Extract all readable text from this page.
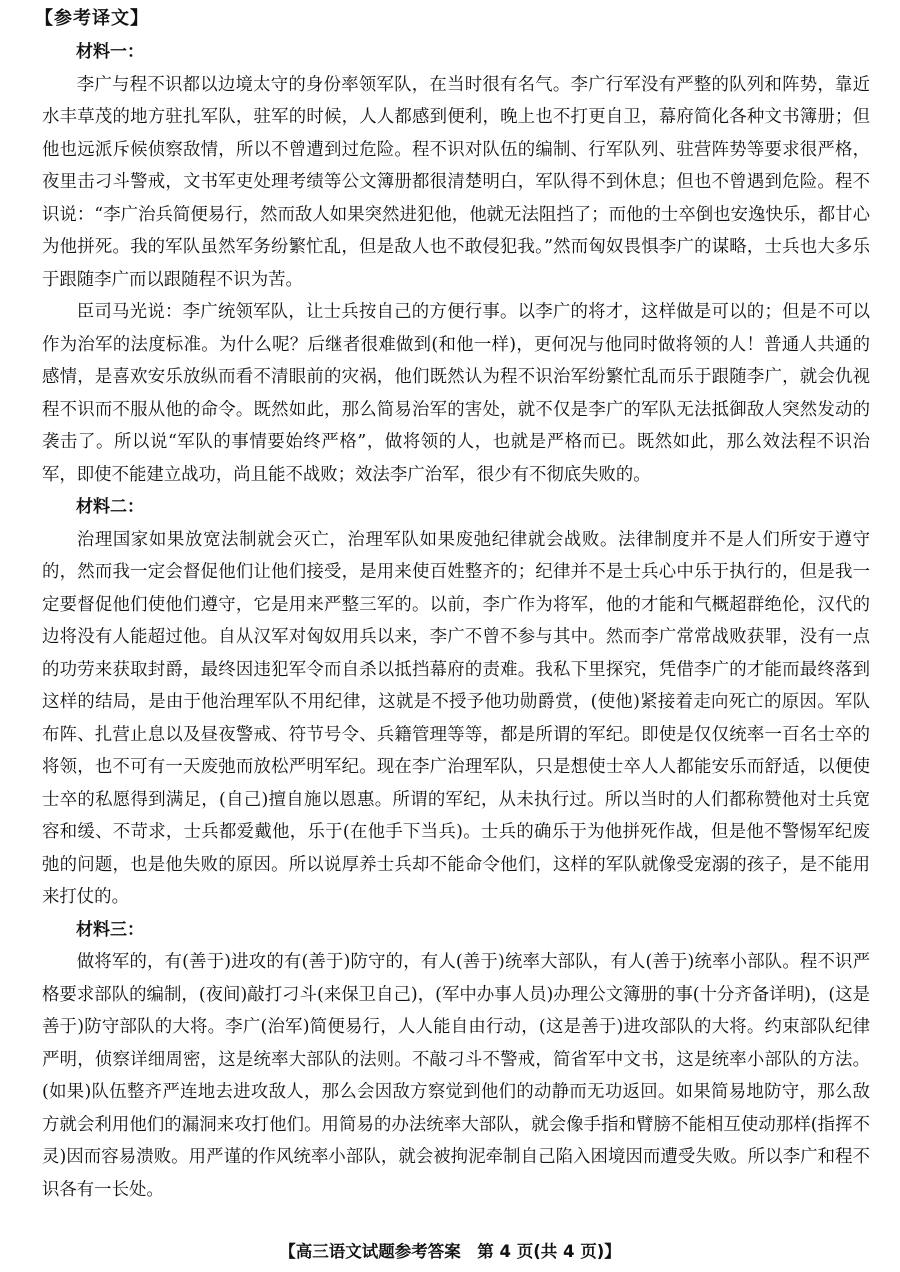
【参考译文】
材料一：

李广与程不识都以边境太守的身份率领军队，在当时很有名气。李广行军没有严整的队列和阵势，靠近水丰草茂的地方驻扎军队，驻军的时候，人人都感到便利，晚上也不打更自卫，幕府简化各种文书簿册；但他也远派斥候侦察敌情，所以不曾遭到过危险。程不识对队伍的编制、行军队列、驻营阵势等要求很严格，夜里击刁斗警戒，文书军吏处理考绩等公文簿册都很清楚明白，军队得不到休息；但也不曾遇到危险。程不识说：“李广治兵简便易行，然而敌人如果突然进犯他，他就无法阻挡了；而他的士卒倒也安逸快乐，都甘心为他拼死。我的军队虽然军务纷繁忙乱，但是敌人也不敢侵犯我。”然而匈奴畏惧李广的谋略，士兵也大多乐于跟随李广而以跟随程不识为苦。

臣司马光说：李广统领军队，让士兵按自己的方便行事。以李广的将才，这样做是可以的；但是不可以作为治军的法度标准。为什么呢？后继者很难做到(和他一样)，更何况与他同时做将领的人！普通人共通的感情，是喜欢安乐放纵而看不清眼前的灾祸，他们既然认为程不识治军纷繁忙乱而乐于跟随李广，就会仇视程不识而不服从他的命令。既然如此，那么简易治军的害处，就不仅是李广的军队无法抵御敌人突然发动的袭击了。所以说“军队的事情要始终严格”，做将领的人，也就是严格而已。既然如此，那么效法程不识治军，即使不能建立战功，尚且能不战败；效法李广治军，很少有不彻底失败的。

材料二：

治理国家如果放宽法制就会灭亡，治理军队如果废弛纪律就会战败。法律制度并不是人们所安于遵守的，然而我一定会督促他们让他们接受，是用来使百姓整齐的；纪律并不是士兵心中乐于执行的，但是我一定要督促他们使他们遵守，它是用来严整三军的。以前，李广作为将军，他的才能和气概超群绝伦，汉代的边将没有人能超过他。自从汉军对匈奴用兵以来，李广不曾不参与其中。然而李广常常战败获罪，没有一点的功劳来获取封爵，最终因违犯军令而自杀以抵挡幕府的责难。我私下里探究，凭借李广的才能而最终落到这样的结局，是由于他治理军队不用纪律，这就是不授予他功勋爵赏，(使他)紧接着走向死亡的原因。军队布阵、扎营止息以及昼夜警戒、符节号令、兵籍管理等等，都是所谓的军纪。即使是仅仅统率一百名士卒的将领，也不可有一天废弛而放松严明军纪。现在李广治理军队，只是想使士卒人人都能安乐而舒适，以便使士卒的私愿得到满足，(自己)擅自施以恩惠。所谓的军纪，从未执行过。所以当时的人们都称赞他对士兵宽容和缓、不苛求，士兵都爱戴他，乐于(在他手下当兵)。士兵的确乐于为他拼死作战，但是他不警惕军纪废弛的问题，也是他失败的原因。所以说厚养士兵却不能命令他们，这样的军队就像受宠溺的孩子，是不能用来打仗的。

材料三：

做将军的，有(善于)进攻的有(善于)防守的，有人(善于)统率大部队，有人(善于)统率小部队。程不识严格要求部队的编制，(夜间)敲打刁斗(来保卫自己)，(军中办事人员)办理公文簿册的事(十分齐备详明)，(这是善于)防守部队的大将。李广(治军)简便易行，人人能自由行动，(这是善于)进攻部队的大将。约束部队纪律严明，侦察详细周密，这是统率大部队的法则。不敲刁斗不警戒，简省军中文书，这是统率小部队的方法。(如果)队伍整齐严连地去进攻敌人，那么会因敌方察觉到他们的动静而无功返回。如果简易地防守，那么敌方就会利用他们的漏洞来攻打他们。用简易的办法统率大部队，就会像手指和臂膀不能相互使动那样(指挥不灵)因而容易溃败。用严谨的作风统率小部队，就会被拘泥牵制自己陷入困境因而遭受失败。所以李广和程不识各有一长处。

【高三语文试题参考答案　第 4 页(共 4 页)】
